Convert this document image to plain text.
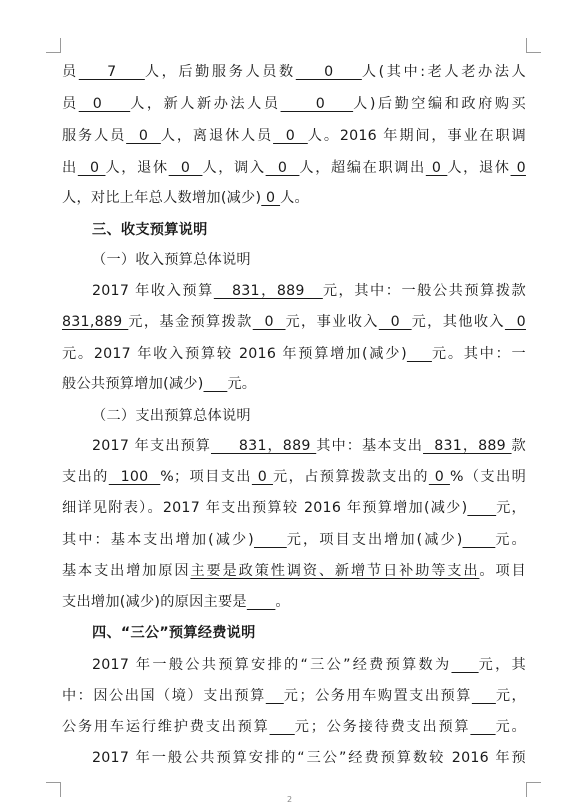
员    7    人，后勤服务人员数    0    人(其中:老人老办法人
员  0    人，新人新办法人员     0    人)后勤空编和政府购买
服务人员  0  人，离退休人员  0  人。2016 年期间，事业在职调
出  0 人，退休  0  人，调入  0  人，超编在职调出 0 人，退休 0
人，对比上年总人数增加(减少) 0 人。
三、收支预算说明
（一）收入预算总体说明
2017 年收入预算   831，889   元，其中：一般公共预算拨款
831,889 元，基金预算拨款  0  元，事业收入  0  元，其他收入  0
元。2017 年收入预算较 2016 年预算增加(减少) 元。其中：一
般公共预算增加(减少) 元。
（二）支出预算总体说明
2017 年支出预算     831，889 其中：基本支出  831，889 款
支出的  100  %；项目支出 0 元，占预算拨款支出的 0 %（支出明
细详见附表）。2017 年支出预算较 2016 年预算增加(减少) 元，
其中：基本支出增加(减少) 元，项目支出增加(减少) 元。
基本支出增加原因主要是政策性调资、新增节日补助等支出。项目
支出增加(减少)的原因主要是 。
四、“三公”预算经费说明
2017 年一般公共预算安排的“三公”经费预算数为 元，其
中：因公出国（境）支出预算 元；公务用车购置支出预算 元，
公务用车运行维护费支出预算 元；公务接待费支出预算 元。
2017 年一般公共预算安排的“三公”经费预算数较 2016 年预
2
